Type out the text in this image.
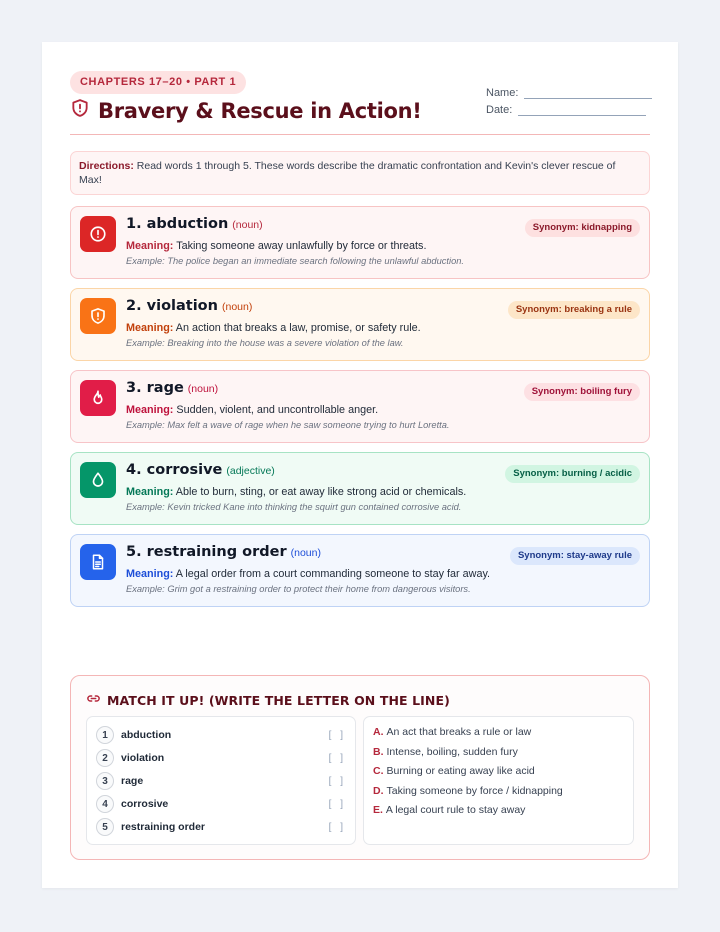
CHAPTERS 17–20 • PART 1
Bravery & Rescue in Action!
Name:
Date:
Directions: Read words 1 through 5. These words describe the dramatic confrontation and Kevin's clever rescue of Max!
1. abduction (noun)	Synonym: kidnapping
Meaning: Taking someone away unlawfully by force or threats.
Example: The police began an immediate search following the unlawful abduction.
2. violation (noun)	Synonym: breaking a rule
Meaning: An action that breaks a law, promise, or safety rule.
Example: Breaking into the house was a severe violation of the law.
3. rage (noun)	Synonym: boiling fury
Meaning: Sudden, violent, and uncontrollable anger.
Example: Max felt a wave of rage when he saw someone trying to hurt Loretta.
4. corrosive (adjective)	Synonym: burning / acidic
Meaning: Able to burn, sting, or eat away like strong acid or chemicals.
Example: Kevin tricked Kane into thinking the squirt gun contained corrosive acid.
5. restraining order (noun)	Synonym: stay-away rule
Meaning: A legal order from a court commanding someone to stay far away.
Example: Grim got a restraining order to protect their home from dangerous visitors.
MATCH IT UP! (WRITE THE LETTER ON THE LINE)
1	abduction	[ ]
2	violation	[ ]
3	rage	[ ]
4	corrosive	[ ]
5	restraining order	[ ]
A. An act that breaks a rule or law
B. Intense, boiling, sudden fury
C. Burning or eating away like acid
D. Taking someone by force / kidnapping
E. A legal court rule to stay away
